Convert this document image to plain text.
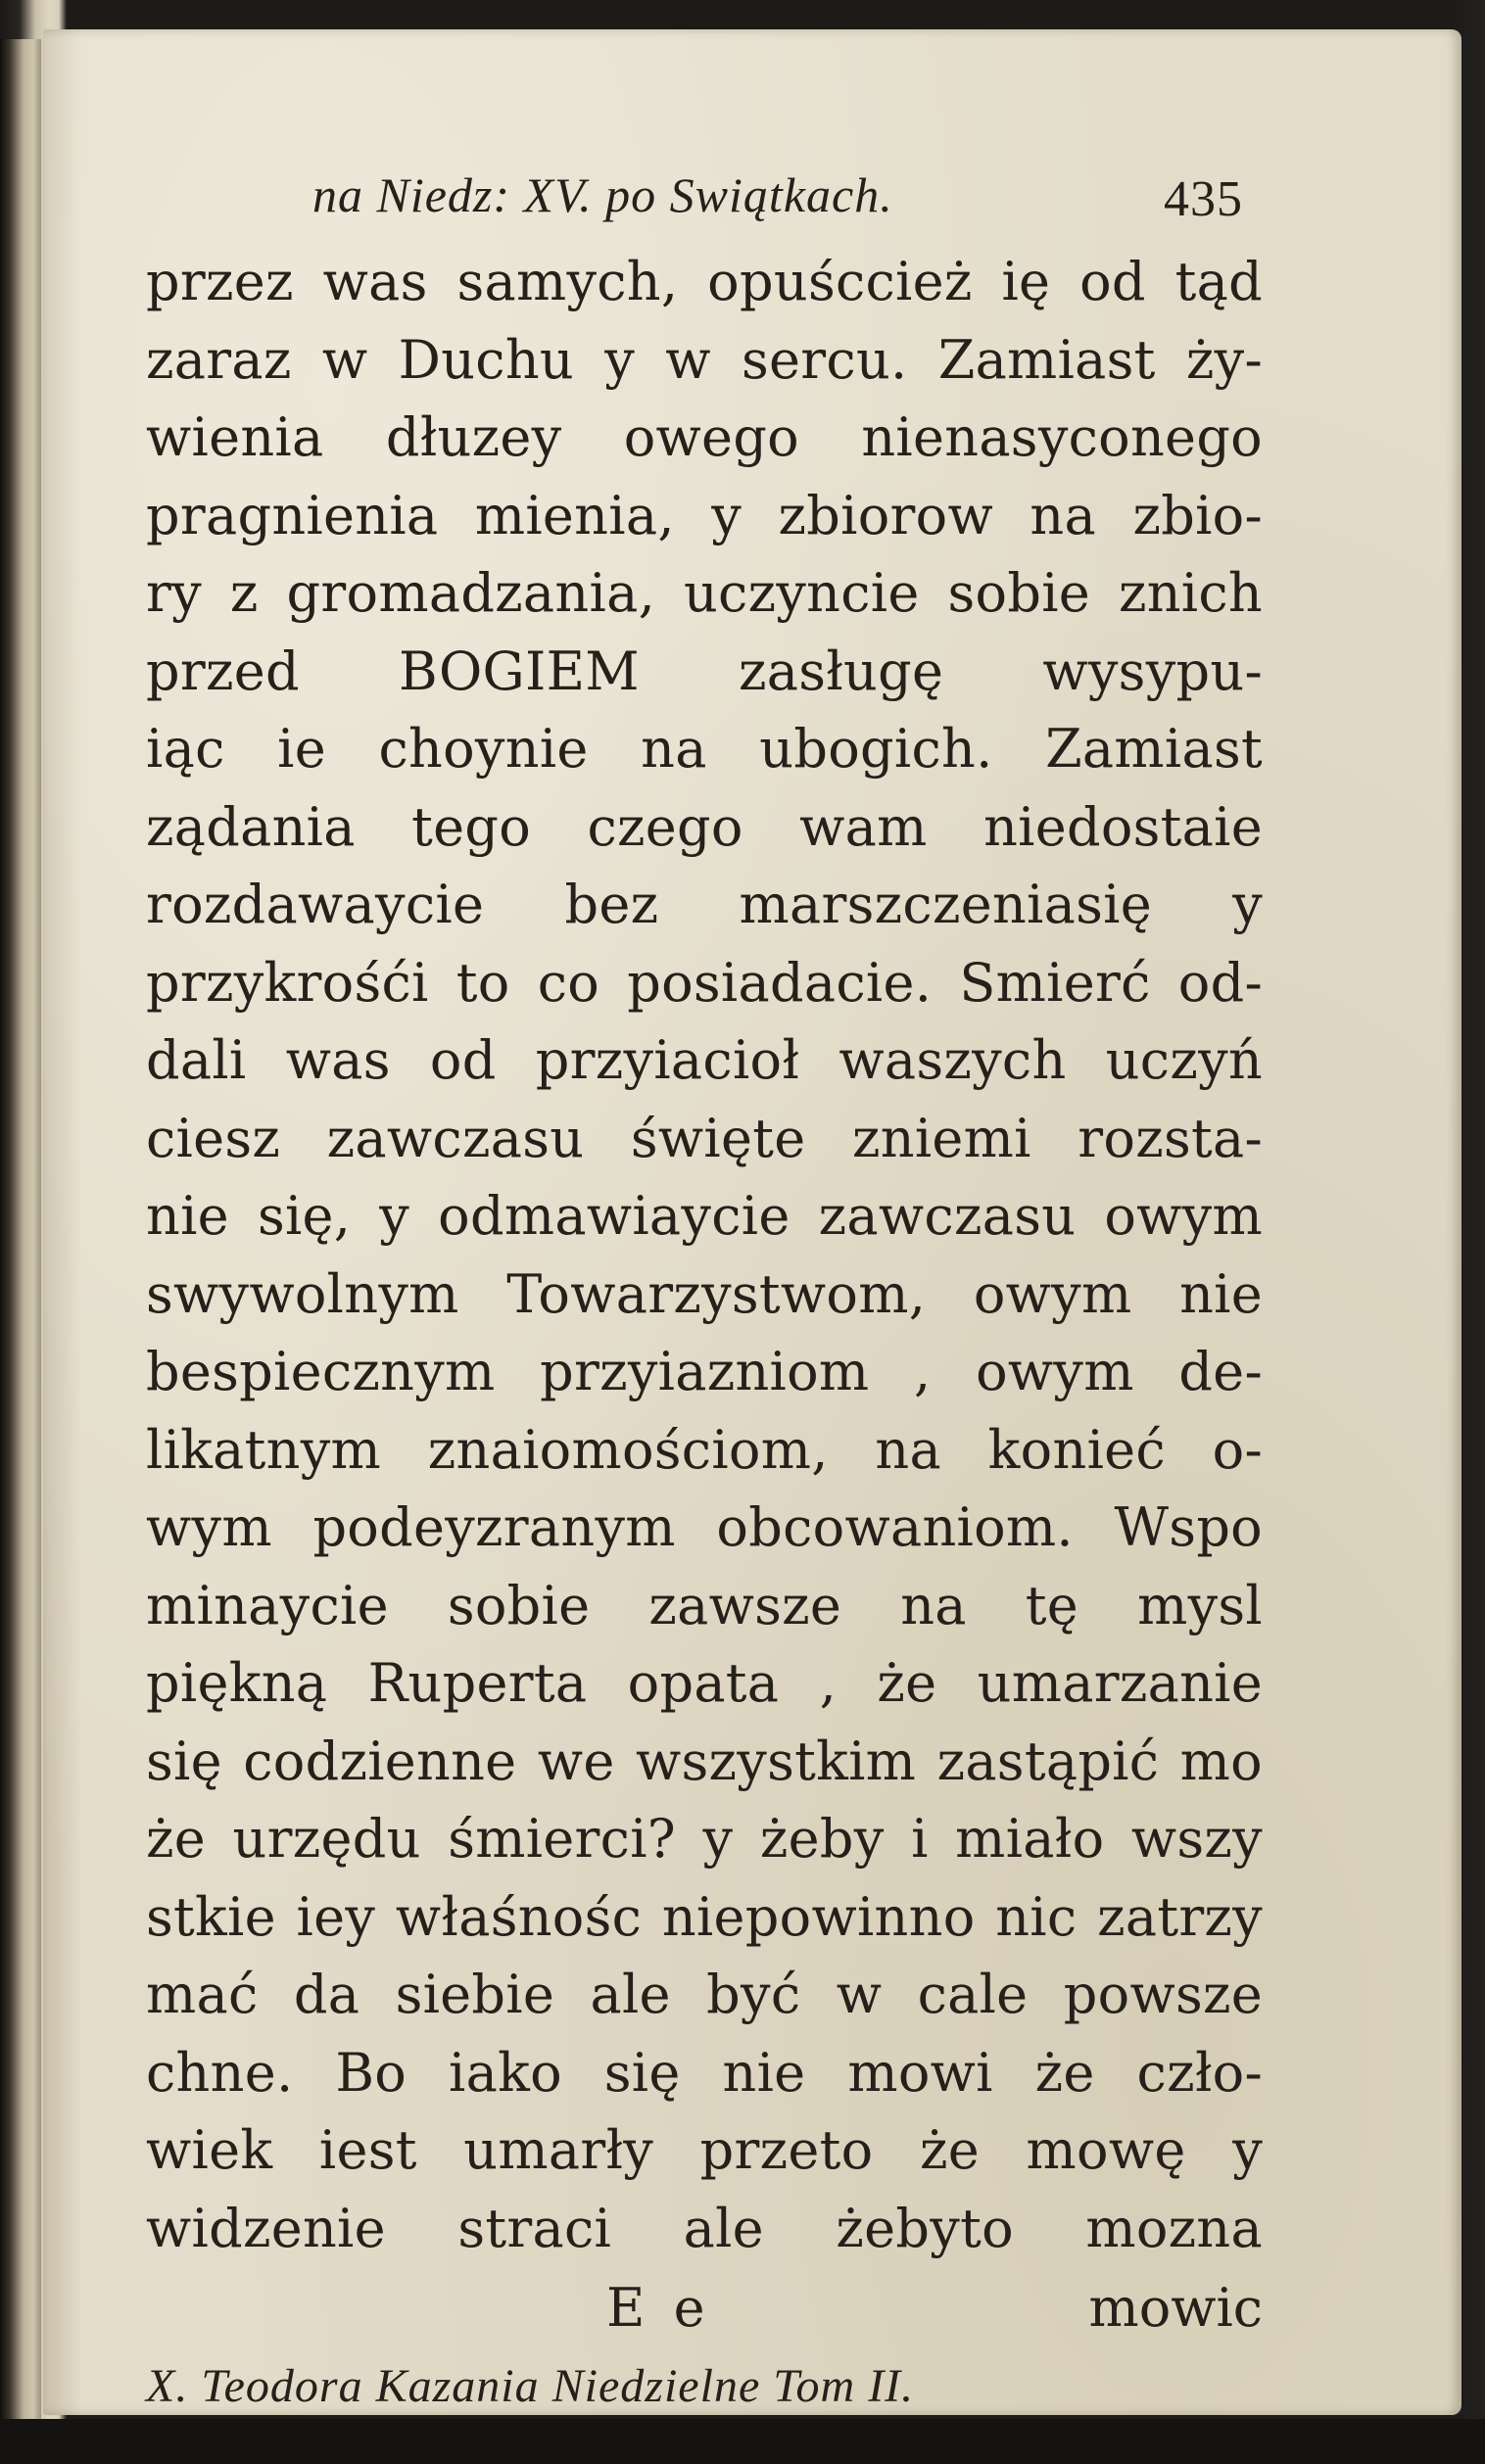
na Niedz: XV. po Swiątkach.	435
przez was samych, opuśccież ię od tąd
zaraz w Duchu y w sercu. Zamiast ży-
wienia dłuzey owego nienasyconego
pragnienia mienia, y zbiorow na zbio-
ry z gromadzania, uczyncie sobie znich
przed BOGIEM zasługę wysypu-
iąc ie choynie na ubogich. Zamiast
ządania tego czego wam niedostaie
rozdawaycie bez marszczeniasię y
przykrośći to co posiadacie. Smierć od-
dali was od przyiacioł waszych uczyń
ciesz zawczasu święte zniemi rozsta-
nie się, y odmawiaycie zawczasu owym
swywolnym Towarzystwom, owym nie
bespiecznym przyiazniom , owym de-
likatnym znaiomościom, na konieć o-
wym podeyzranym obcowaniom. Wspo
minaycie sobie zawsze na tę mysl
piękną Ruperta opata , że umarzanie
się codzienne we wszystkim zastąpić mo
że urzędu śmierci? y żeby i miało wszy
stkie iey właśnośc niepowinno nic zatrzy
mać da siebie ale być w cale powsze
chne. Bo iako się nie mowi że czło-
wiek iest umarły przeto że mowę y
widzenie straci ale żebyto mozna
E e	mowic
X. Teodora Kazania Niedzielne Tom II.
